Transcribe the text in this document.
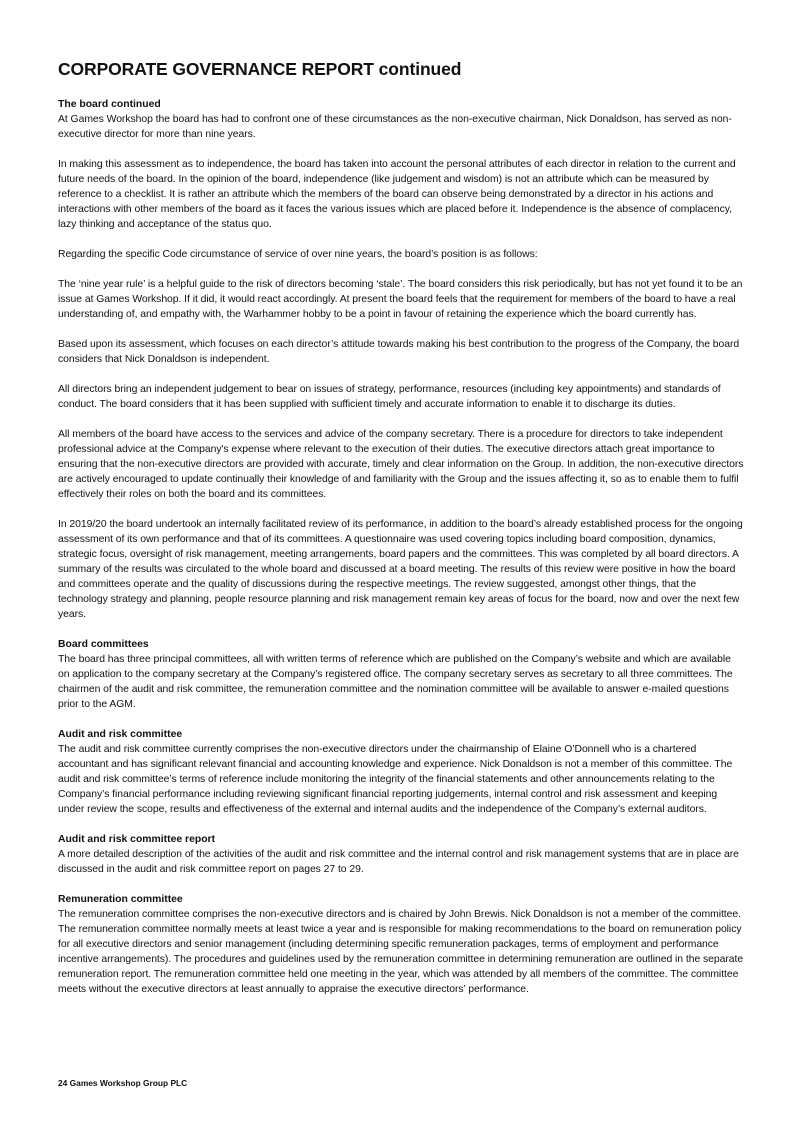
CORPORATE GOVERNANCE REPORT continued
The board continued

At Games Workshop the board has had to confront one of these circumstances as the non-executive chairman, Nick Donaldson, has served as non-executive director for more than nine years.

In making this assessment as to independence, the board has taken into account the personal attributes of each director in relation to the current and future needs of the board. In the opinion of the board, independence (like judgement and wisdom) is not an attribute which can be measured by reference to a checklist. It is rather an attribute which the members of the board can observe being demonstrated by a director in his actions and interactions with other members of the board as it faces the various issues which are placed before it. Independence is the absence of complacency, lazy thinking and acceptance of the status quo.

Regarding the specific Code circumstance of service of over nine years, the board’s position is as follows:

The ‘nine year rule’ is a helpful guide to the risk of directors becoming ‘stale’. The board considers this risk periodically, but has not yet found it to be an issue at Games Workshop. If it did, it would react accordingly. At present the board feels that the requirement for members of the board to have a real understanding of, and empathy with, the Warhammer hobby to be a point in favour of retaining the experience which the board currently has.

Based upon its assessment, which focuses on each director’s attitude towards making his best contribution to the progress of the Company, the board considers that Nick Donaldson is independent.

All directors bring an independent judgement to bear on issues of strategy, performance, resources (including key appointments) and standards of conduct. The board considers that it has been supplied with sufficient timely and accurate information to enable it to discharge its duties.

All members of the board have access to the services and advice of the company secretary. There is a procedure for directors to take independent professional advice at the Company's expense where relevant to the execution of their duties. The executive directors attach great importance to ensuring that the non-executive directors are provided with accurate, timely and clear information on the Group. In addition, the non-executive directors are actively encouraged to update continually their knowledge of and familiarity with the Group and the issues affecting it, so as to enable them to fulfil effectively their roles on both the board and its committees.

In 2019/20 the board undertook an internally facilitated review of its performance, in addition to the board’s already established process for the ongoing assessment of its own performance and that of its committees. A questionnaire was used covering topics including board composition, dynamics, strategic focus, oversight of risk management, meeting arrangements, board papers and the committees. This was completed by all board directors. A summary of the results was circulated to the whole board and discussed at a board meeting. The results of this review were positive in how the board and committees operate and the quality of discussions during the respective meetings. The review suggested, amongst other things, that the technology strategy and planning, people resource planning and risk management remain key areas of focus for the board, now and over the next few years.

Board committees

The board has three principal committees, all with written terms of reference which are published on the Company’s website and which are available on application to the company secretary at the Company’s registered office. The company secretary serves as secretary to all three committees. The chairmen of the audit and risk committee, the remuneration committee and the nomination committee will be available to answer e-mailed questions prior to the AGM.

Audit and risk committee

The audit and risk committee currently comprises the non-executive directors under the chairmanship of Elaine O’Donnell who is a chartered accountant and has significant relevant financial and accounting knowledge and experience. Nick Donaldson is not a member of this committee. The audit and risk committee’s terms of reference include monitoring the integrity of the financial statements and other announcements relating to the Company’s financial performance including reviewing significant financial reporting judgements, internal control and risk assessment and keeping under review the scope, results and effectiveness of the external and internal audits and the independence of the Company’s external auditors.

Audit and risk committee report

A more detailed description of the activities of the audit and risk committee and the internal control and risk management systems that are in place are discussed in the audit and risk committee report on pages 27 to 29.

Remuneration committee

The remuneration committee comprises the non-executive directors and is chaired by John Brewis. Nick Donaldson is not a member of the committee. The remuneration committee normally meets at least twice a year and is responsible for making recommendations to the board on remuneration policy for all executive directors and senior management (including determining specific remuneration packages, terms of employment and performance incentive arrangements). The procedures and guidelines used by the remuneration committee in determining remuneration are outlined in the separate remuneration report. The remuneration committee held one meeting in the year, which was attended by all members of the committee. The committee meets without the executive directors at least annually to appraise the executive directors’ performance.

24 Games Workshop Group PLC
